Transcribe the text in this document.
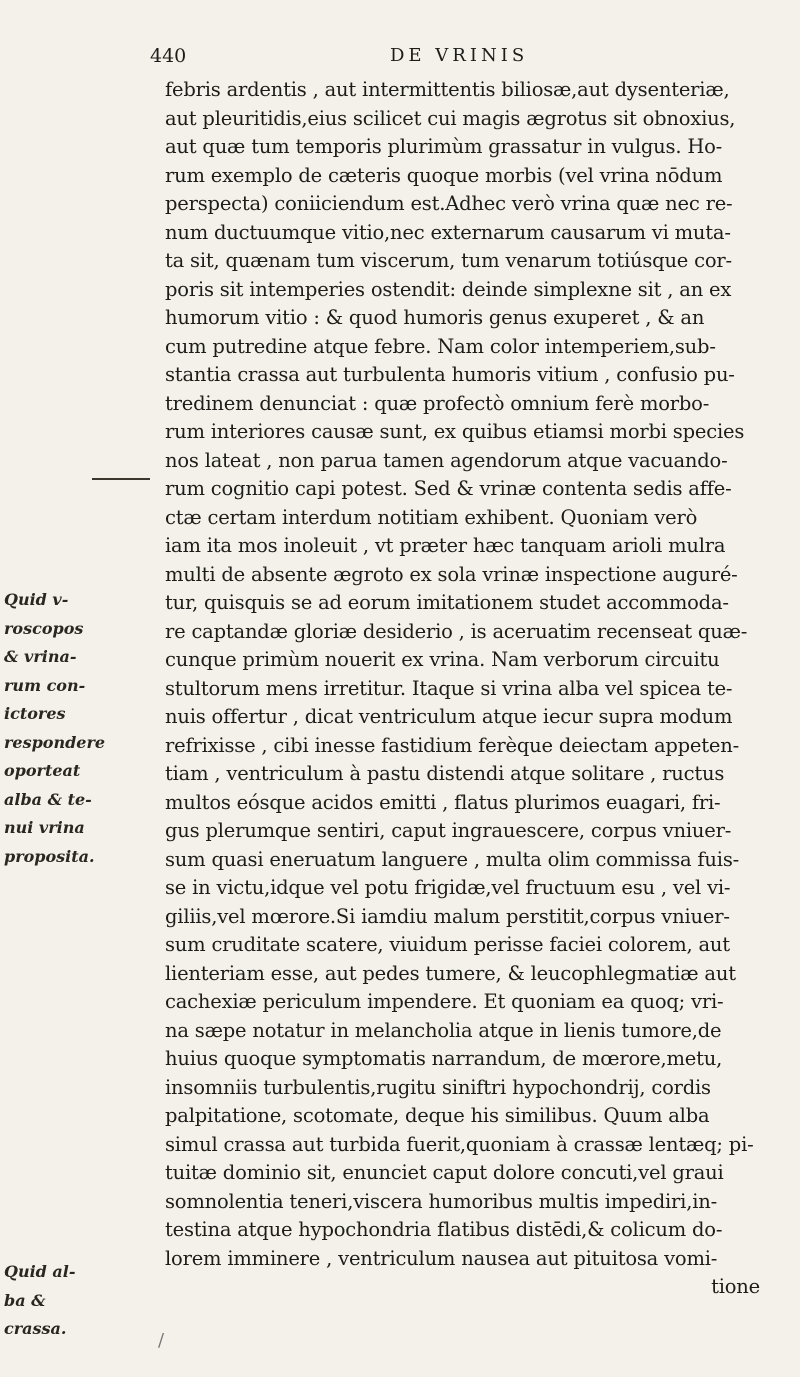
440	DE VRINIS
Quid v-
roscopos
& vrina-
rum con-
ictores
respondere
oporteat
alba & te-
nui vrina
proposita.
Quid al-
ba &
crassa.
febris ardentis , aut intermittentis biliosæ,aut dysenteriæ,
aut pleuritidis,eius scilicet cui magis ægrotus sit obnoxius,
aut quæ tum temporis plurimùm grassatur in vulgus. Ho-
rum exemplo de cæteris quoque morbis (vel vrina nōdum
perspecta) coniiciendum est.Adhec verò vrina quæ nec re-
num ductuumque vitio,nec externarum causarum vi muta-
ta sit, quænam tum viscerum, tum venarum totiúsque cor-
poris sit intemperies ostendit: deinde simplexne sit , an ex
humorum vitio : & quod humoris genus exuperet , & an
cum putredine atque febre. Nam color intemperiem,sub-
stantia crassa aut turbulenta humoris vitium , confusio pu-
tredinem denunciat : quæ profectò omnium ferè morbo-
rum interiores causæ sunt, ex quibus etiamsi morbi species
nos lateat , non parua tamen agendorum atque vacuando-
rum cognitio capi potest. Sed & vrinæ contenta sedis affe-
ctæ certam interdum notitiam exhibent. Quoniam verò
iam ita mos inoleuit , vt præter hæc tanquam arioli mulra
multi de absente ægroto ex sola vrinæ inspectione auguré-
tur, quisquis se ad eorum imitationem studet accommoda-
re captandæ gloriæ desiderio , is aceruatim recenseat quæ-
cunque primùm nouerit ex vrina. Nam verborum circuitu
stultorum mens irretitur. Itaque si vrina alba vel spicea te-
nuis offertur , dicat ventriculum atque iecur supra modum
refrixisse , cibi inesse fastidium ferèque deiectam appeten-
tiam , ventriculum à pastu distendi atque solitare , ructus
multos eósque acidos emitti , flatus plurimos euagari, fri-
gus plerumque sentiri, caput ingrauescere, corpus vniuer-
sum quasi eneruatum languere , multa olim commissa fuis-
se in victu,idque vel potu frigidæ,vel fructuum esu , vel vi-
giliis,vel mœrore.Si iamdiu malum perstitit,corpus vniuer-
sum cruditate scatere, viuidum perisse faciei colorem, aut
lienteriam esse, aut pedes tumere, & leucophlegmatiæ aut
cachexiæ periculum impendere. Et quoniam ea quoq; vri-
na sæpe notatur in melancholia atque in lienis tumore,de
huius quoque symptomatis narrandum, de mœrore,metu,
insomniis turbulentis,rugitu siniftri hypochondrij, cordis
palpitatione, scotomate, deque his similibus. Quum alba
simul crassa aut turbida fuerit,quoniam à crassæ lentæq; pi-
tuitæ dominio sit, enunciet caput dolore concuti,vel graui
somnolentia teneri,viscera humoribus multis impediri,in-
testina atque hypochondria flatibus distēdi,& colicum do-
lorem imminere , ventriculum nausea aut pituitosa vomi-
tione
/
